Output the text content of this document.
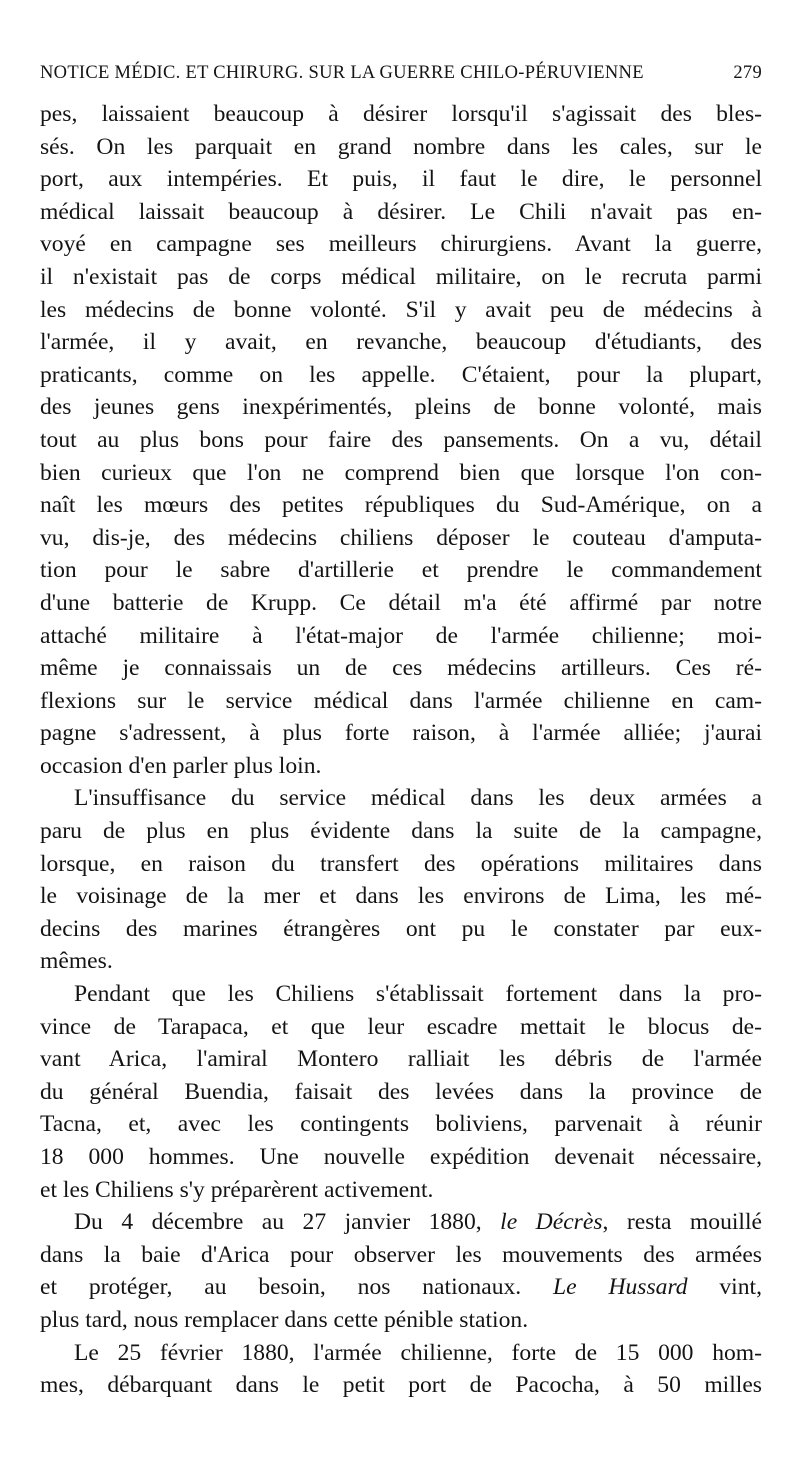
NOTICE MÉDIC. ET CHIRURG. SUR LA GUERRE CHILO-PÉRUVIENNE	279
pes, laissaient beaucoup à désirer lorsqu'il s'agissait des bles-
sés. On les parquait en grand nombre dans les cales, sur le
port, aux intempéries. Et puis, il faut le dire, le personnel
médical laissait beaucoup à désirer. Le Chili n'avait pas en-
voyé en campagne ses meilleurs chirurgiens. Avant la guerre,
il n'existait pas de corps médical militaire, on le recruta parmi
les médecins de bonne volonté. S'il y avait peu de médecins à
l'armée, il y avait, en revanche, beaucoup d'étudiants, des
praticants, comme on les appelle. C'étaient, pour la plupart,
des jeunes gens inexpérimentés, pleins de bonne volonté, mais
tout au plus bons pour faire des pansements. On a vu, détail
bien curieux que l'on ne comprend bien que lorsque l'on con-
naît les mœurs des petites républiques du Sud-Amérique, on a
vu, dis-je, des médecins chiliens déposer le couteau d'amputa-
tion pour le sabre d'artillerie et prendre le commandement
d'une batterie de Krupp. Ce détail m'a été affirmé par notre
attaché militaire à l'état-major de l'armée chilienne; moi-
même je connaissais un de ces médecins artilleurs. Ces ré-
flexions sur le service médical dans l'armée chilienne en cam-
pagne s'adressent, à plus forte raison, à l'armée alliée; j'aurai
occasion d'en parler plus loin.
L'insuffisance du service médical dans les deux armées a
paru de plus en plus évidente dans la suite de la campagne,
lorsque, en raison du transfert des opérations militaires dans
le voisinage de la mer et dans les environs de Lima, les mé-
decins des marines étrangères ont pu le constater par eux-
mêmes.
Pendant que les Chiliens s'établissait fortement dans la pro-
vince de Tarapaca, et que leur escadre mettait le blocus de-
vant Arica, l'amiral Montero ralliait les débris de l'armée
du général Buendia, faisait des levées dans la province de
Tacna, et, avec les contingents boliviens, parvenait à réunir
18 000 hommes. Une nouvelle expédition devenait nécessaire,
et les Chiliens s'y préparèrent activement.
Du 4 décembre au 27 janvier 1880, le Décrès, resta mouillé
dans la baie d'Arica pour observer les mouvements des armées
et protéger, au besoin, nos nationaux. Le Hussard vint,
plus tard, nous remplacer dans cette pénible station.
Le 25 février 1880, l'armée chilienne, forte de 15 000 hom-
mes, débarquant dans le petit port de Pacocha, à 50 milles
